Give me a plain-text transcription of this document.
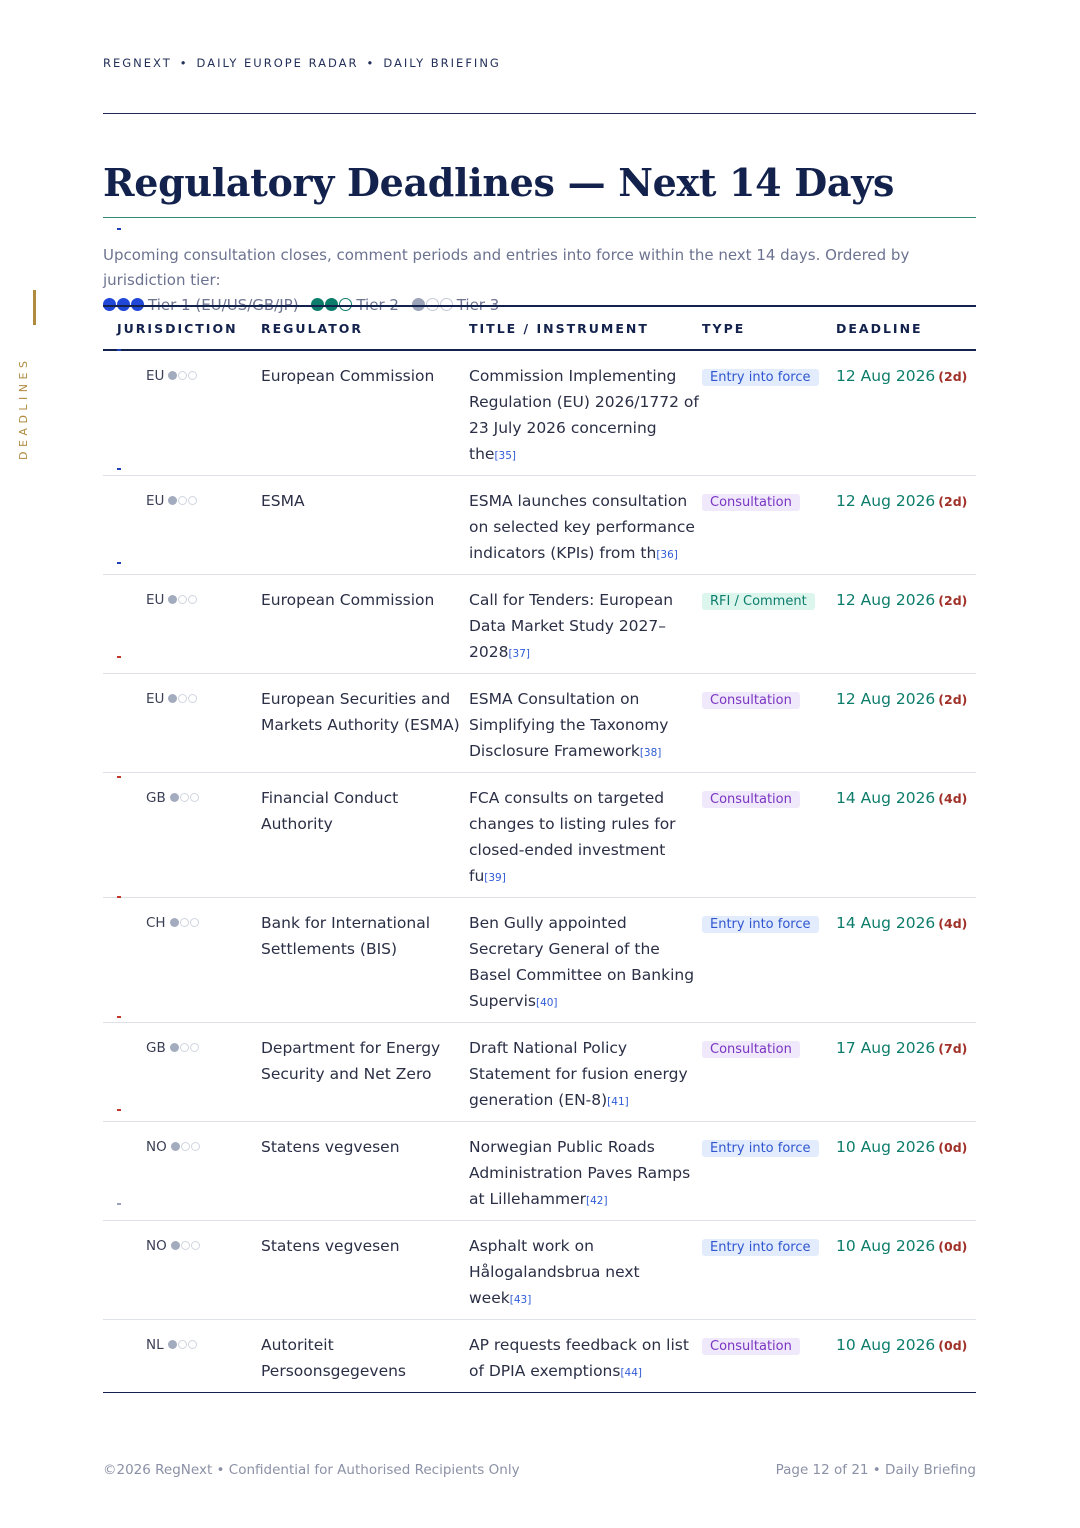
REGNEXT • DAILY EUROPE RADAR • DAILY BRIEFING
DEADLINES
Regulatory Deadlines — Next 14 Days
Upcoming consultation closes, comment periods and entries into force within the next 14 days. Ordered by jurisdiction tier:
Tier 1 (EU/US/GB/JP)	Tier 2	Tier 3
JURISDICTION	REGULATOR	TITLE / INSTRUMENT	TYPE	DEADLINE
EU	European Commission	Commission Implementing Regulation (EU) 2026/1772 of 23 July 2026 concerning the[35]	Entry into force	12 Aug 2026 (2d)
EU	ESMA	ESMA launches consultation on selected key performance indicators (KPIs) from th[36]	Consultation	12 Aug 2026 (2d)
EU	European Commission	Call for Tenders: European Data Market Study 2027–2028[37]	RFI / Comment	12 Aug 2026 (2d)
EU	European Securities and Markets Authority (ESMA)	ESMA Consultation on Simplifying the Taxonomy Disclosure Framework[38]	Consultation	12 Aug 2026 (2d)
GB	Financial Conduct Authority	FCA consults on targeted changes to listing rules for closed-ended investment fu[39]	Consultation	14 Aug 2026 (4d)
CH	Bank for International Settlements (BIS)	Ben Gully appointed Secretary General of the Basel Committee on Banking Supervis[40]	Entry into force	14 Aug 2026 (4d)
GB	Department for Energy Security and Net Zero	Draft National Policy Statement for fusion energy generation (EN-8)[41]	Consultation	17 Aug 2026 (7d)
NO	Statens vegvesen	Norwegian Public Roads Administration Paves Ramps at Lillehammer[42]	Entry into force	10 Aug 2026 (0d)
NO	Statens vegvesen	Asphalt work on Hålogalandsbrua next week[43]	Entry into force	10 Aug 2026 (0d)
NL	Autoriteit Persoonsgegevens	AP requests feedback on list of DPIA exemptions[44]	Consultation	10 Aug 2026 (0d)
©2026 RegNext • Confidential for Authorised Recipients Only	Page 12 of 21 • Daily Briefing
